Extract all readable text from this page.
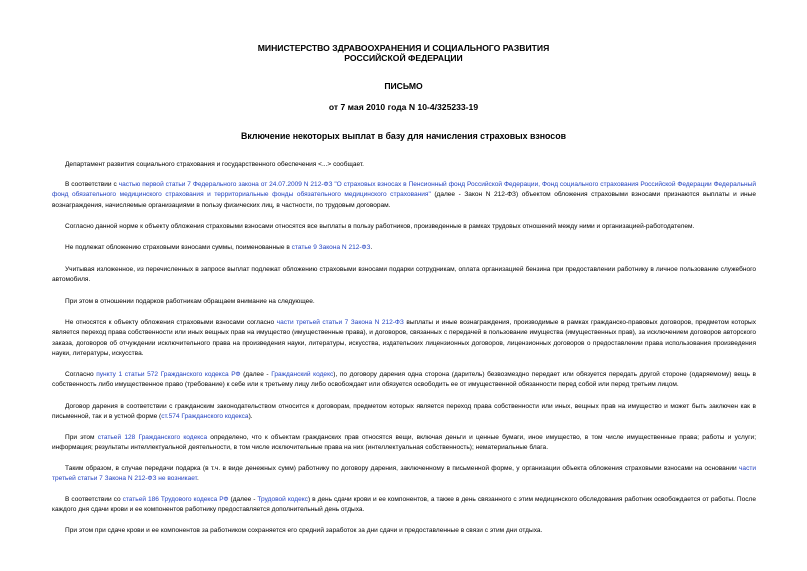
МИНИСТЕРСТВО ЗДРАВООХРАНЕНИЯ И СОЦИАЛЬНОГО РАЗВИТИЯ
РОССИЙСКОЙ ФЕДЕРАЦИИ
ПИСЬМО
от 7 мая 2010 года N 10-4/325233-19
Включение некоторых выплат в базу для начисления страховых взносов

Департамент развития социального страхования и государственного обеспечения <...> сообщает.

В соответствии с частью первой статьи 7 Федерального закона от 24.07.2009 N 212-ФЗ "О страховых взносах в Пенсионный фонд Российской Федерации, Фонд социального страхования Российской Федерации Федеральный фонд обязательного медицинского страхования и территориальные фонды обязательного медицинского страхования" (далее - Закон N 212-ФЗ) объектом обложения страховыми взносами признаются выплаты и иные вознаграждения, начисляемые организациями в пользу физических лиц, в частности, по трудовым договорам.

Согласно данной норме к объекту обложения страховыми взносами относятся все выплаты в пользу работников, произведенные в рамках трудовых отношений между ними и организацией-работодателем.

Не подлежат обложению страховыми взносами суммы, поименованные в статье 9 Закона N 212-ФЗ.

Учитывая изложенное, из перечисленных в запросе выплат подлежат обложению страховыми взносами подарки сотрудникам, оплата организацией бензина при предоставлении работнику в личное пользование служебного автомобиля.

При этом в отношении подарков работникам обращаем внимание на следующее.

Не относятся к объекту обложения страховыми взносами согласно части третьей статьи 7 Закона N 212-ФЗ выплаты и иные вознаграждения, производимые в рамках гражданско-правовых договоров, предметом которых является переход права собственности или иных вещных прав на имущество (имущественные права), и договоров, связанных с передачей в пользование имущества (имущественных прав), за исключением договоров авторского заказа, договоров об отчуждении исключительного права на произведения науки, литературы, искусства, издательских лицензионных договоров, лицензионных договоров о предоставлении права использования произведения науки, литературы, искусства.

Согласно пункту 1 статьи 572 Гражданского кодекса РФ (далее - Гражданский кодекс), по договору дарения одна сторона (даритель) безвозмездно передает или обязуется передать другой стороне (одаряемому) вещь в собственность либо имущественное право (требование) к себе или к третьему лицу либо освобождает или обязуется освободить ее от имущественной обязанности перед собой или перед третьим лицом.

Договор дарения в соответствии с гражданским законодательством относится к договорам, предметом которых является переход права собственности или иных, вещных прав на имущество и может быть заключен как в письменной, так и в устной форме (ст.574 Гражданского кодекса).

При этом статьей 128 Гражданского кодекса определено, что к объектам гражданских прав относятся вещи, включая деньги и ценные бумаги, иное имущество, в том числе имущественные права; работы и услуги; информация; результаты интеллектуальной деятельности, в том числе исключительные права на них (интеллектуальная собственность); нематериальные блага.

Таким образом, в случае передачи подарка (в т.ч. в виде денежных сумм) работнику по договору дарения, заключенному в письменной форме, у организации объекта обложения страховыми взносами на основании части третьей статьи 7 Закона N 212-ФЗ не возникает.

В соответствии со статьей 186 Трудового кодекса РФ (далее - Трудовой кодекс) в день сдачи крови и ее компонентов, а также в день связанного с этим медицинского обследования работник освобождается от работы. После каждого дня сдачи крови и ее компонентов работнику предоставляется дополнительный день отдыха.

При этом при сдаче крови и ее компонентов за работником сохраняется его средний заработок за дни сдачи и предоставленные в связи с этим дни отдыха.
